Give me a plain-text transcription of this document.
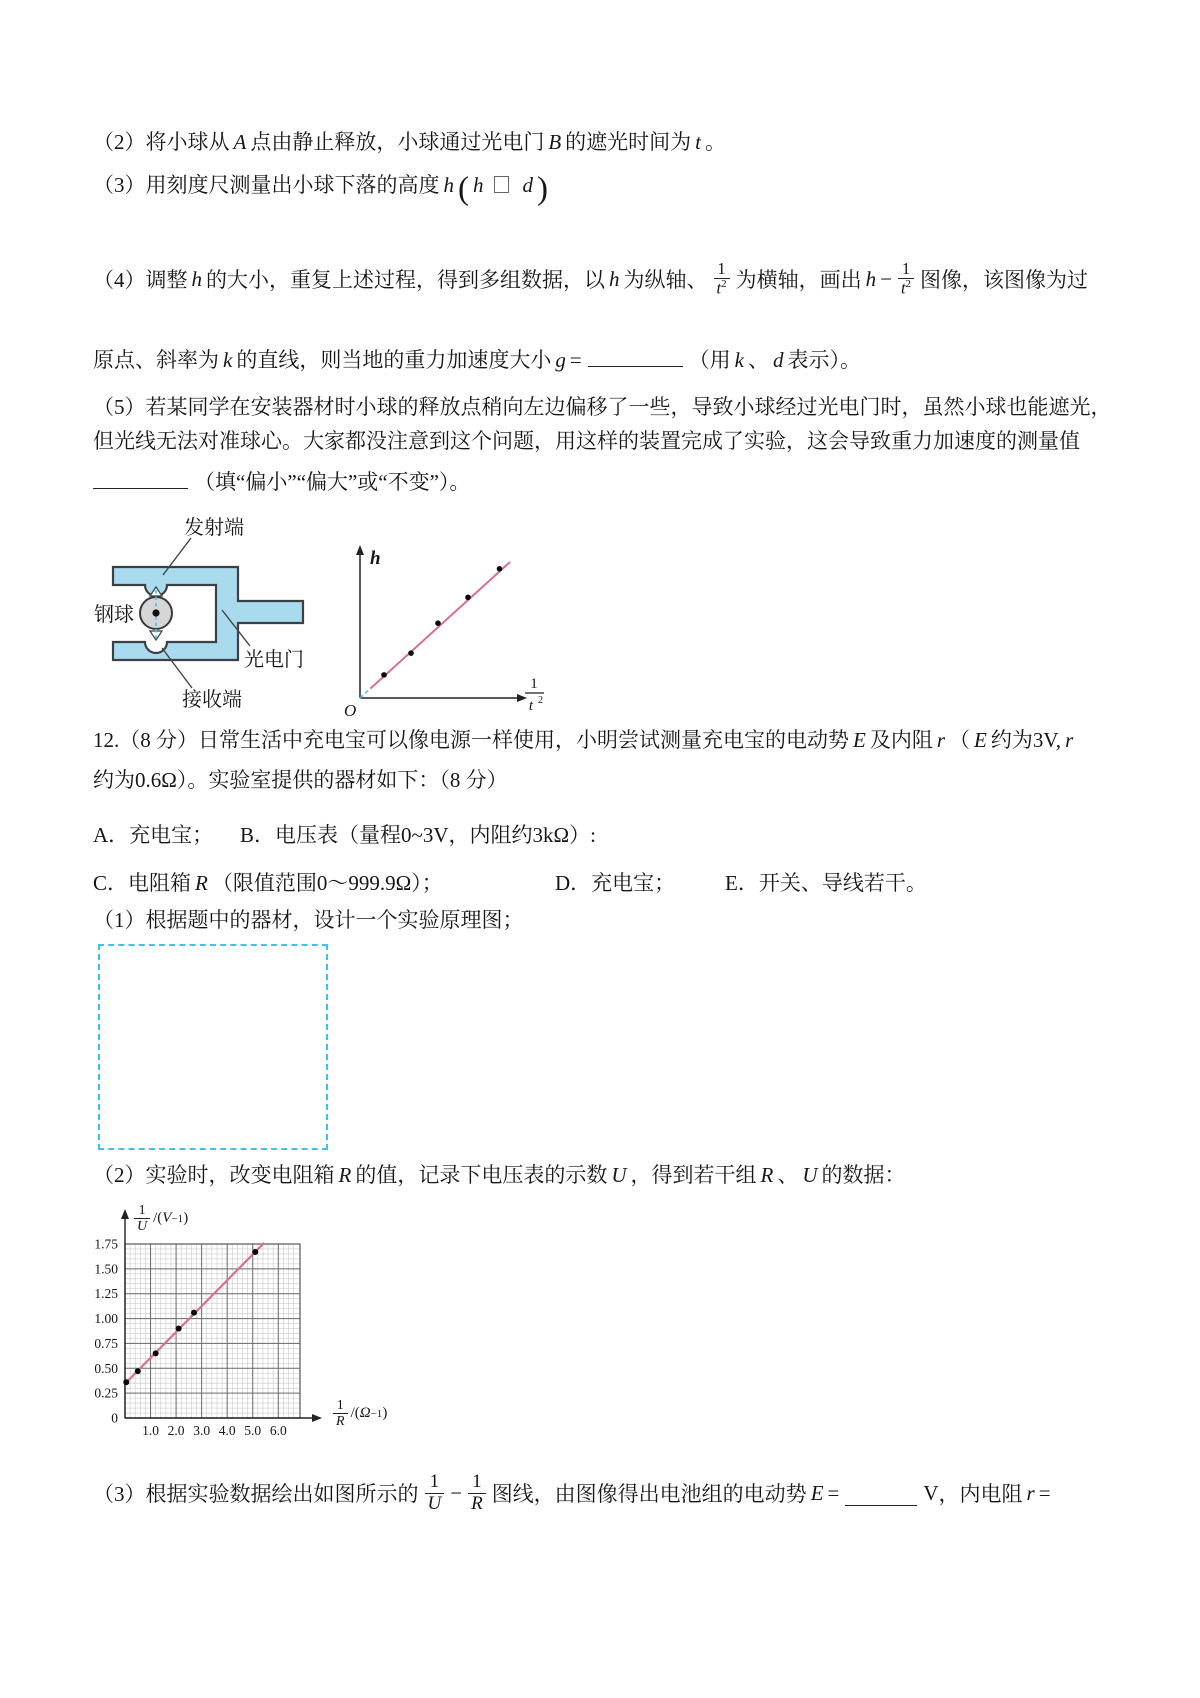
（2）将小球从 A 点由静止释放，小球通过光电门 B 的遮光时间为 t 。
（3）用刻度尺测量出小球下落的高度 h ( h d )
（4）调整 h 的大小，重复上述过程，得到多组数据，以 h 为纵轴、 $\frac{1}{t^2}$ 为横轴，画出 $h - \frac{1}{t^2}$ 图像，该图像为过
原点、斜率为 k 的直线，则当地的重力加速度大小 g =	（用 k 、 d 表示）。
（5）若某同学在安装器材时小球的释放点稍向左边偏移了一些，导致小球经过光电门时，虽然小球也能遮光，
但光线无法对准球心。大家都没注意到这个问题，用这样的装置完成了实验，这会导致重力加速度的测量值
（填“偏小”“偏大”或“不变”）。
发射端
钢球
光电门
接收端
h
O
1
t 2
12.（8 分）日常生活中充电宝可以像电源一样使用，小明尝试测量充电宝的电动势 E 及内阻 r （ E 约为3V, r
约为0.6Ω）。实验室提供的器材如下：（8 分）
A．充电宝； B．电压表（量程0~3V，内阻约3kΩ）:
C．电阻箱 R （限值范围0～999.9Ω）；	D．充电宝； E．开关、导线若干。
（1）根据题中的器材，设计一个实验原理图；
（2）实验时，改变电阻箱 R 的值，记录下电压表的示数 U ，得到若干组 R 、 U 的数据：
1.0 2.0 3.0 4.0 5.0 6.0
0
0.25
0.50
0.75
1.00
1.25
1.50
1.75
$\frac{1}{U}$ /( V −1 )
$\frac{1}{R}$ /( Ω −1 )
（3）根据实验数据绘出如图所示的 $\frac{1}{U} - \frac{1}{R}$ 图线，由图像得出电池组的电动势 E =	V ，内电阻 r =
